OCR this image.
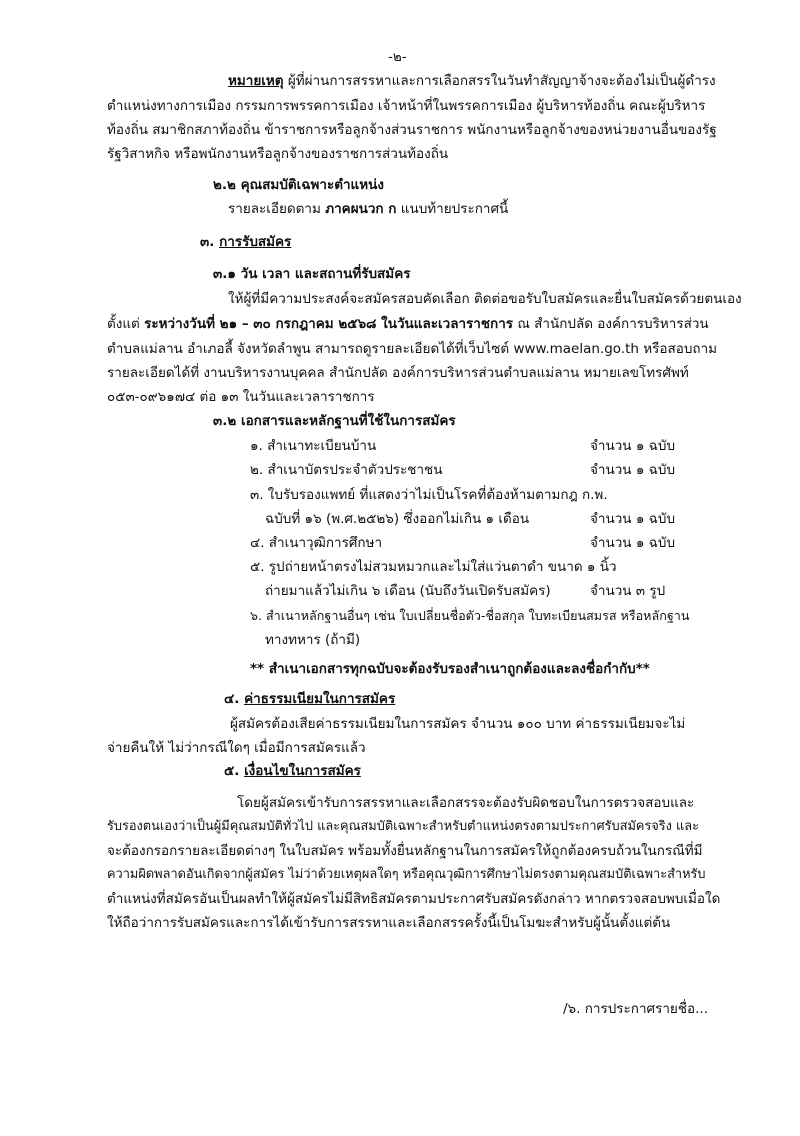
-๒-
หมายเหตุ ผู้ที่ผ่านการสรรหาและการเลือกสรรในวันทำสัญญาจ้างจะต้องไม่เป็นผู้ดำรง
ตำแหน่งทางการเมือง กรรมการพรรคการเมือง เจ้าหน้าที่ในพรรคการเมือง ผู้บริหารท้องถิ่น คณะผู้บริหาร
ท้องถิ่น สมาชิกสภาท้องถิ่น ข้าราชการหรือลูกจ้างส่วนราชการ พนักงานหรือลูกจ้างของหน่วยงานอื่นของรัฐ
รัฐวิสาหกิจ หรือพนักงานหรือลูกจ้างของราชการส่วนท้องถิ่น
๒.๒ คุณสมบัติเฉพาะตำแหน่ง
รายละเอียดตาม ภาคผนวก ก แนบท้ายประกาศนี้
๓. การรับสมัคร
๓.๑ วัน เวลา และสถานที่รับสมัคร
ให้ผู้ที่มีความประสงค์จะสมัครสอบคัดเลือก ติดต่อขอรับใบสมัครและยื่นใบสมัครด้วยตนเอง
ตั้งแต่ ระหว่างวันที่ ๒๑ – ๓๐ กรกฎาคม ๒๕๖๘ ในวันและเวลาราชการ ณ สำนักปลัด องค์การบริหารส่วน
ตำบลแม่ลาน อำเภอลี้ จังหวัดลำพูน สามารถดูรายละเอียดได้ที่เว็บไซต์ www.maelan.go.th หรือสอบถาม
รายละเอียดได้ที่ งานบริหารงานบุคคล สำนักปลัด องค์การบริหารส่วนตำบลแม่ลาน หมายเลขโทรศัพท์
๐๕๓-๐๙๖๑๗๔ ต่อ ๑๓ ในวันและเวลาราชการ
๓.๒ เอกสารและหลักฐานที่ใช้ในการสมัคร
๑. สำเนาทะเบียนบ้าน	จำนวน ๑ ฉบับ
๒. สำเนาบัตรประจำตัวประชาชน	จำนวน ๑ ฉบับ
๓. ใบรับรองแพทย์ ที่แสดงว่าไม่เป็นโรคที่ต้องห้ามตามกฎ ก.พ.
ฉบับที่ ๑๖ (พ.ศ.๒๕๒๖) ซึ่งออกไม่เกิน ๑ เดือน	จำนวน ๑ ฉบับ
๔. สำเนาวุฒิการศึกษา	จำนวน ๑ ฉบับ
๕. รูปถ่ายหน้าตรงไม่สวมหมวกและไม่ใส่แว่นตาดำ ขนาด ๑ นิ้ว
ถ่ายมาแล้วไม่เกิน ๖ เดือน (นับถึงวันเปิดรับสมัคร)	จำนวน ๓ รูป
๖. สำเนาหลักฐานอื่นๆ เช่น ใบเปลี่ยนชื่อตัว-ชื่อสกุล ใบทะเบียนสมรส หรือหลักฐาน
ทางทหาร (ถ้ามี)
** สำเนาเอกสารทุกฉบับจะต้องรับรองสำเนาถูกต้องและลงชื่อกำกับ**
๔. ค่าธรรมเนียมในการสมัคร
ผู้สมัครต้องเสียค่าธรรมเนียมในการสมัคร จำนวน ๑๐๐ บาท ค่าธรรมเนียมจะไม่
จ่ายคืนให้ ไม่ว่ากรณีใดๆ เมื่อมีการสมัครแล้ว
๕. เงื่อนไขในการสมัคร
โดยผู้สมัครเข้ารับการสรรหาและเลือกสรรจะต้องรับผิดชอบในการตรวจสอบและ
รับรองตนเองว่าเป็นผู้มีคุณสมบัติทั่วไป และคุณสมบัติเฉพาะสำหรับตำแหน่งตรงตามประกาศรับสมัครจริง และ
จะต้องกรอกรายละเอียดต่างๆ ในใบสมัคร พร้อมทั้งยื่นหลักฐานในการสมัครให้ถูกต้องครบถ้วนในกรณีที่มี
ความผิดพลาดอันเกิดจากผู้สมัคร ไม่ว่าด้วยเหตุผลใดๆ หรือคุณวุฒิการศึกษาไม่ตรงตามคุณสมบัติเฉพาะสำหรับ
ตำแหน่งที่สมัครอันเป็นผลทำให้ผู้สมัครไม่มีสิทธิสมัครตามประกาศรับสมัครดังกล่าว หากตรวจสอบพบเมื่อใด
ให้ถือว่าการรับสมัครและการได้เข้ารับการสรรหาและเลือกสรรครั้งนี้เป็นโมฆะสำหรับผู้นั้นตั้งแต่ต้น
/๖. การประกาศรายชื่อ...
